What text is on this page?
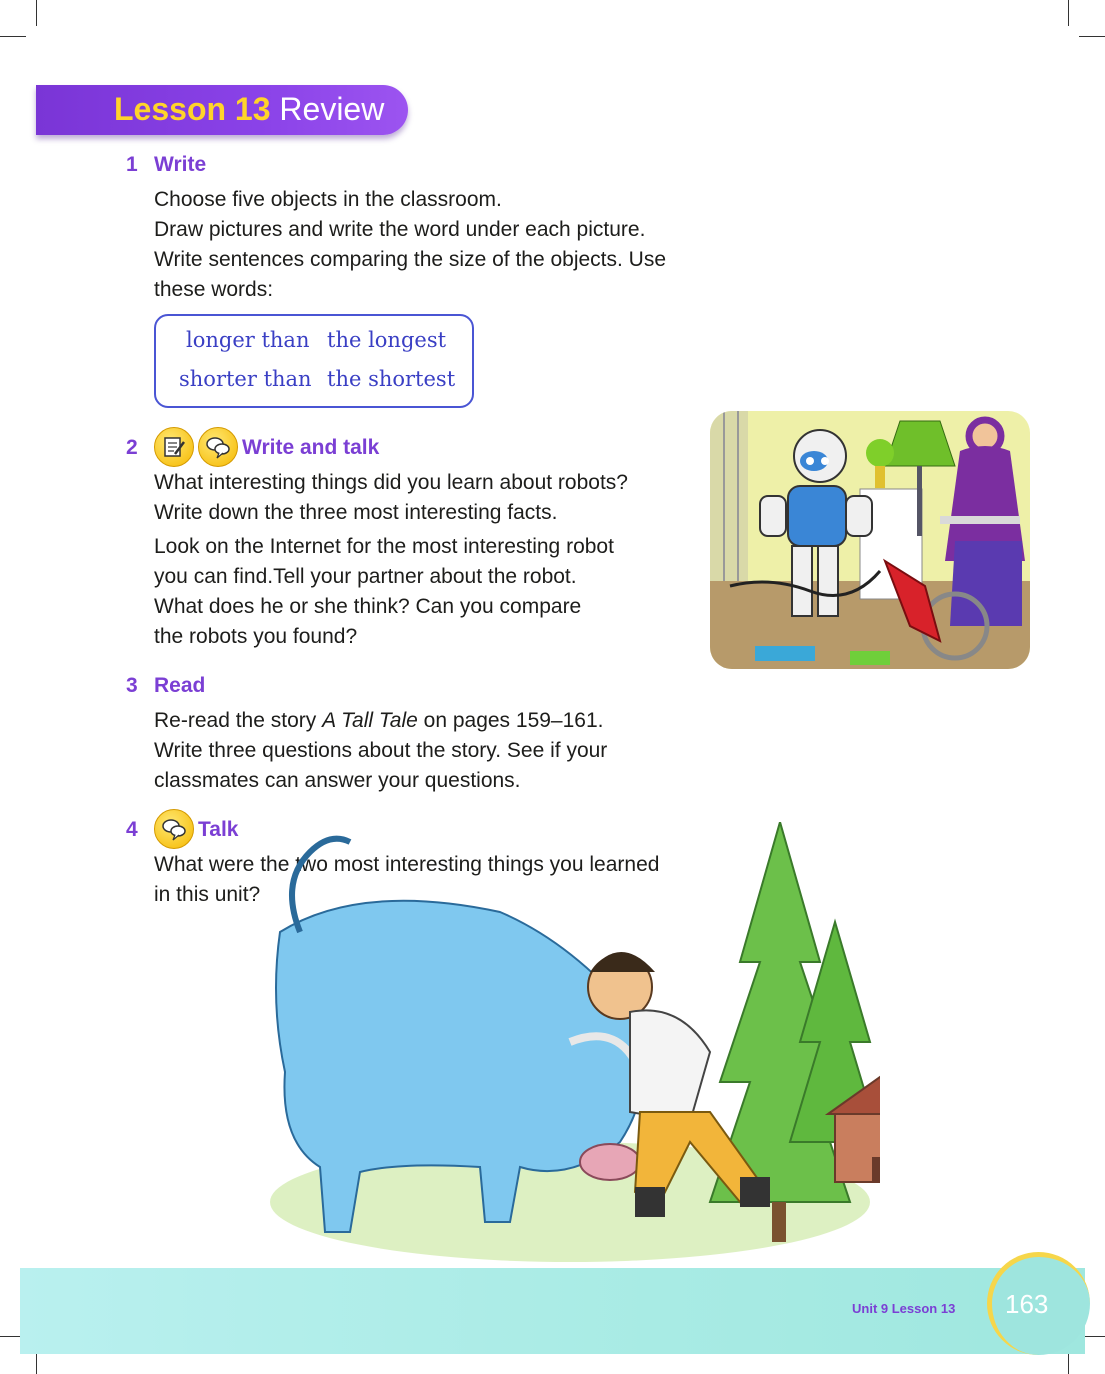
Lesson 13 Review
1 Write
Choose five objects in the classroom.
Draw pictures and write the word under each picture.
Write sentences comparing the size of the objects. Use
these words:
longer than the longest
shorter than the shortest
2	Write and talk
What interesting things did you learn about robots?
Write down the three most interesting facts.
Look on the Internet for the most interesting robot
you can find.Tell your partner about the robot.
What does he or she think? Can you compare
the robots you found?
3 Read
Re-read the story A Tall Tale on pages 159–161.
Write three questions about the story. See if your
classmates can answer your questions.
4	Talk
What were the two most interesting things you learned
in this unit?
Unit 9 Lesson 13 163
